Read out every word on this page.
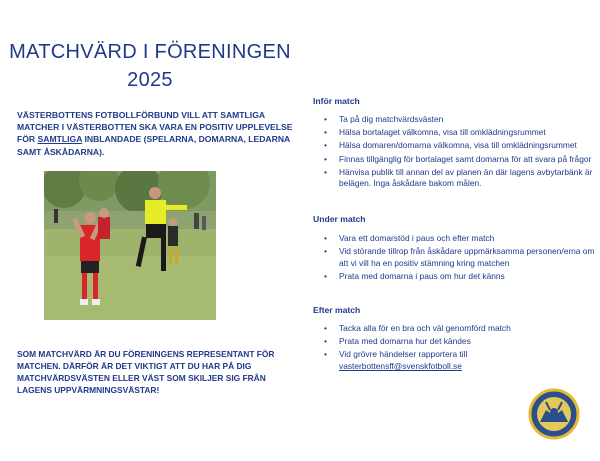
MATCHVÄRD I FÖRENINGEN
2025
VÄSTERBOTTENS FOTBOLLFÖRBUND VILL ATT SAMTLIGA MATCHER I VÄSTERBOTTEN SKA VARA EN POSITIV UPPLEVELSE FÖR SAMTLIGA INBLANDADE (SPELARNA, DOMARNA, LEDARNA SAMT ÅSKÅDARNA).
SOM MATCHVÄRD ÄR DU FÖRENINGENS REPRESENTANT FÖR MATCHEN. DÄRFÖR ÄR DET VIKTIGT ATT DU HAR PÅ DIG MATCHVÄRDSVÄSTEN ELLER VÄST SOM SKILJER SIG FRÅN LAGENS UPPVÄRMNINGSVÄSTAR!
Inför match
• Ta på dig matchvärdsvästen
• Hälsa bortalaget välkomna, visa till omklädningsrummet
• Hälsa domaren/domarna välkomna, visa till omklädningsrummet
• Finnas tillgänglig för bortalaget samt domarna för att svara på frågor
• Hänvisa publik till annan del av planen än där lagens avbytarbänk är belägen. Inga åskådare bakom målen.
Under match
• Vara ett domarstöd i paus och efter match
• Vid störande tillrop från åskådare uppmärksamma personen/erna om att vi vill ha en positiv stämning kring matchen
• Prata med domarna i paus om hur det känns
Efter match
• Tacka alla för en bra och väl genomförd match
• Prata med domarna hur det kändes
• Vid grövre händelser rapportera till
vasterbottensff@svenskfotboll.se
